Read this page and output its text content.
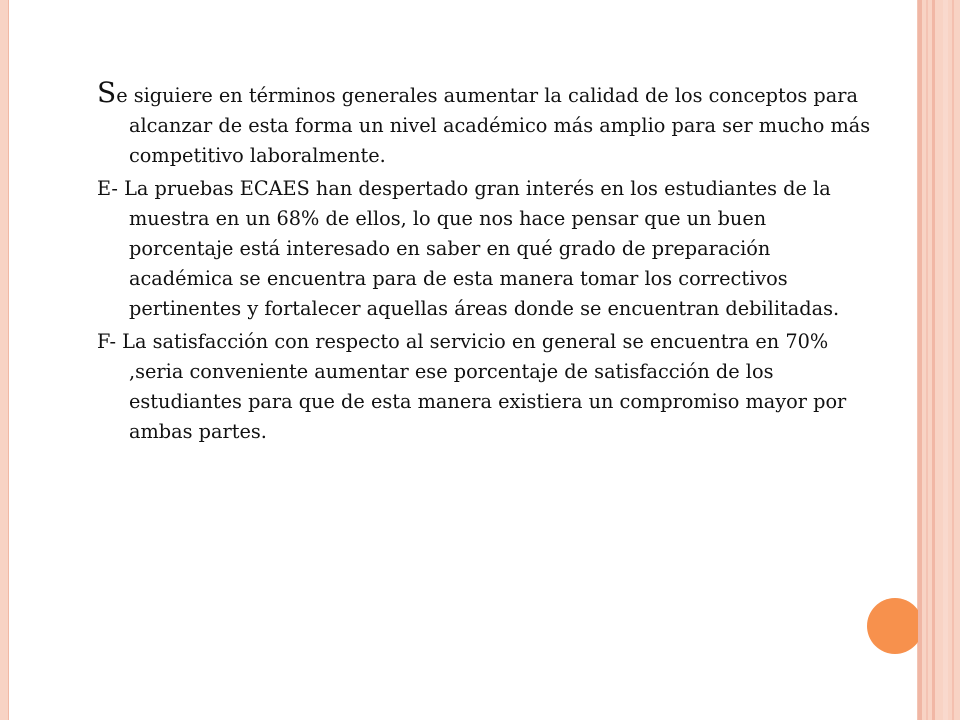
Se siguiere en términos generales aumentar la calidad de los conceptos para alcanzar de esta forma un nivel académico más amplio para ser mucho más competitivo laboralmente.

E- La pruebas ECAES han despertado gran interés en los estudiantes de la muestra en un 68% de ellos, lo que nos hace pensar que un buen porcentaje está interesado en saber en qué grado de preparación académica se encuentra para de esta manera tomar los correctivos pertinentes y fortalecer aquellas áreas donde se encuentran debilitadas.

F- La satisfacción con respecto al servicio en general se encuentra en 70% ,seria conveniente aumentar ese porcentaje de satisfacción de los estudiantes para que de esta manera existiera un compromiso mayor por ambas partes.
